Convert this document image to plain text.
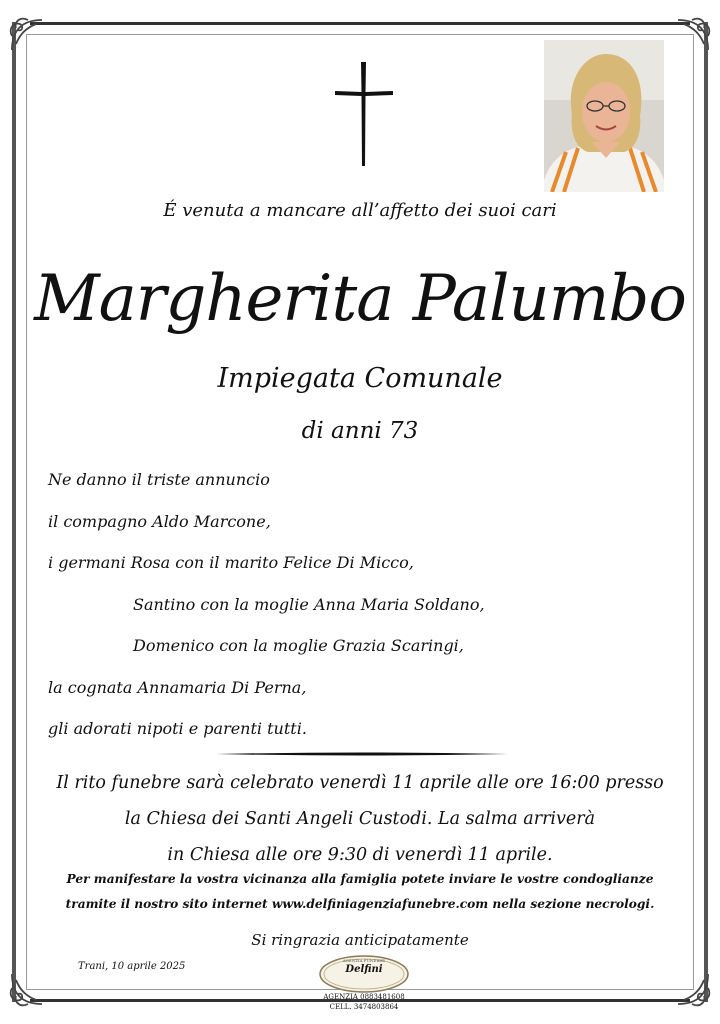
É venuta a mancare all’affetto dei suoi cari
Margherita Palumbo
Impiegata Comunale
di anni 73
Ne danno il triste annuncio
il compagno Aldo Marcone,
i germani Rosa con il marito Felice Di Micco,
Santino con la moglie Anna Maria Soldano,
Domenico con la moglie Grazia Scaringi,
la cognata Annamaria Di Perna,
gli adorati nipoti e parenti tutti.
Il rito funebre sarà celebrato venerdì 11 aprile alle ore 16:00 presso
la Chiesa dei Santi Angeli Custodi. La salma arriverà
in Chiesa alle ore 9:30 di venerdì 11 aprile.
Per manifestare la vostra vicinanza alla famiglia potete inviare le vostre condoglianze
tramite il nostro sito internet www.delfiniagenziafunebre.com nella sezione necrologi.
Si ringrazia anticipatamente
Trani, 10 aprile 2025
AGENZIA FUNEBRE
Delfini
AGENZIA 0883481608
CELL. 3474803864
